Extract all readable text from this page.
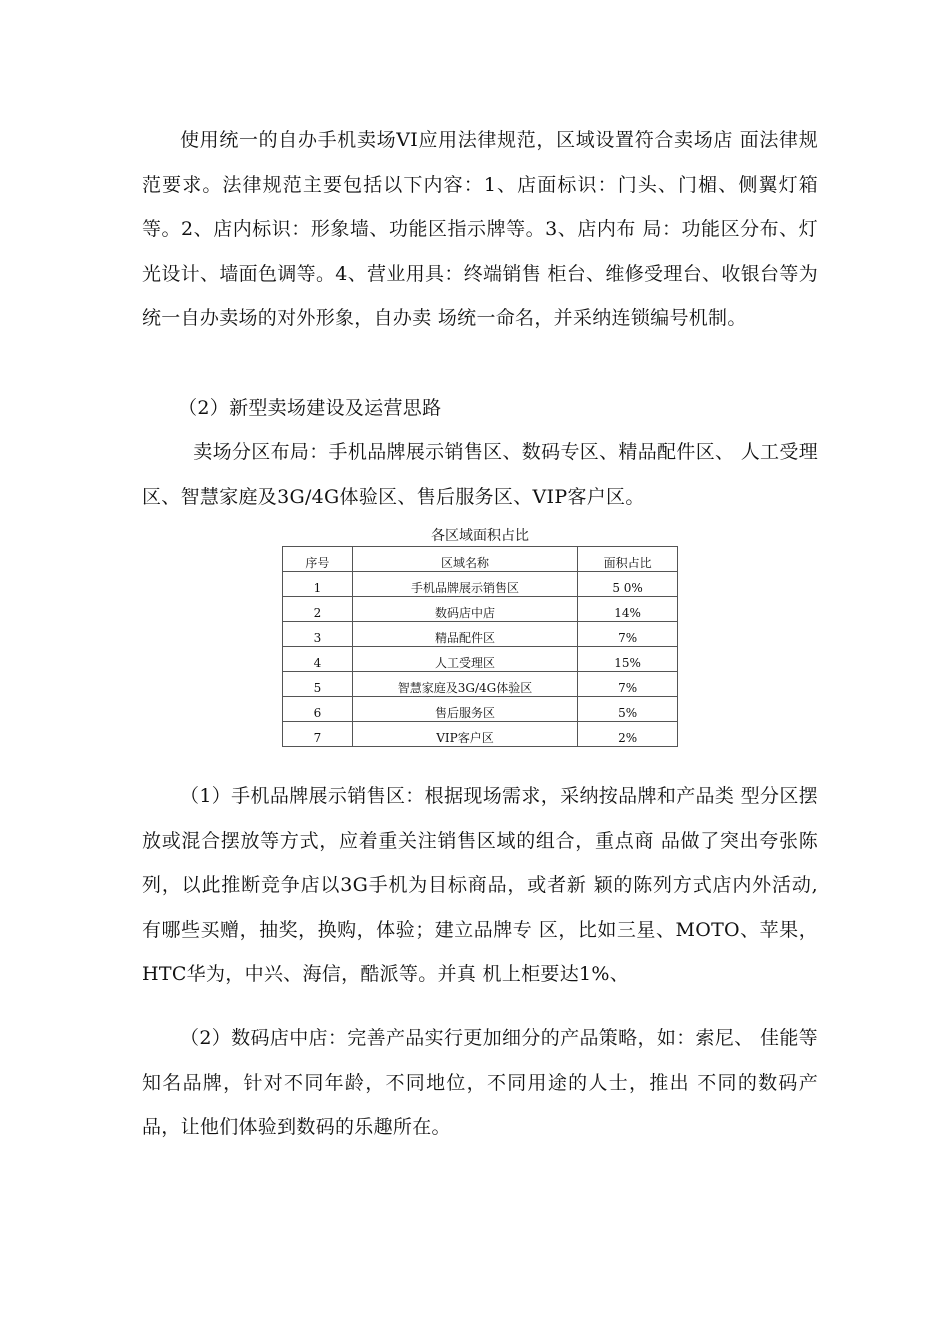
使用统一的自办手机卖场VI应用法律规范，区域设置符合卖场店 面法律规范要求。法律规范主要包括以下内容：1、店面标识：门头、门楣、侧翼灯箱等。2、店内标识：形象墙、功能区指示牌等。3、店内布 局：功能区分布、灯光设计、墙面色调等。4、营业用具：终端销售 柜台、维修受理台、收银台等为统一自办卖场的对外形象，自办卖 场统一命名，并采纳连锁编号机制。

（2）新型卖场建设及运营思路

卖场分区布局：手机品牌展示销售区、数码专区、精品配件区、 人工受理区、智慧家庭及3G/4G体验区、售后服务区、VIP客户区。

各区域面积占比
序号	区域名称	面积占比
1	手机品牌展示销售区	5 0%
2	数码店中店	14%
3	精品配件区	7%
4	人工受理区	15%
5	智慧家庭及3G/4G体验区	7%
6	售后服务区	5%
7	VIP客户区	2%

（1）手机品牌展示销售区：根据现场需求，采纳按品牌和产品类 型分区摆放或混合摆放等方式，应着重关注销售区域的组合，重点商 品做了突出夸张陈列，以此推断竞争店以3G手机为目标商品，或者新 颖的陈列方式店内外活动,有哪些买赠，抽奖，换购，体验；建立品牌专 区，比如三星、MOTO、苹果，HTC华为，中兴、海信，酷派等。并真 机上柜要达1%、

（2）数码店中店：完善产品实行更加细分的产品策略，如：索尼、 佳能等知名品牌，针对不同年龄，不同地位，不同用途的人士，推出 不同的数码产品，让他们体验到数码的乐趣所在。
